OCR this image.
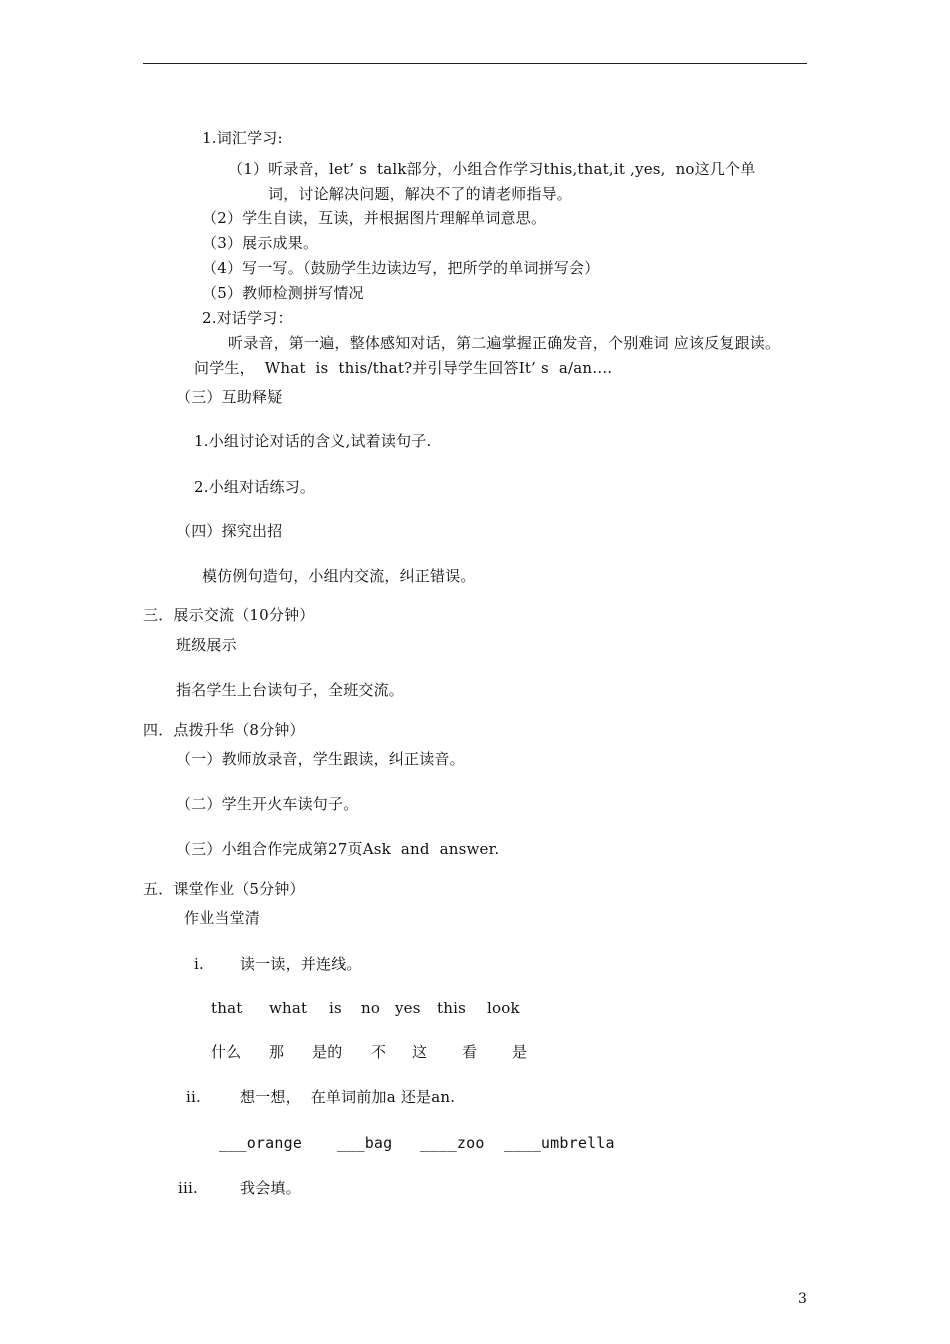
1.词汇学习:
（1）听录音，let’ s  talk部分，小组合作学习this,that,it ,yes,  no这几个单
词，讨论解决问题，解决不了的请老师指导。
（2）学生自读，互读，并根据图片理解单词意思。
（3）展示成果。
（4）写一写。（鼓励学生边读边写，把所学的单词拼写会）
（5）教师检测拼写情况
2.对话学习：
听录音，第一遍，整体感知对话，第二遍掌握正确发音，个别难词 应该反复跟读。
问学生，  What  is  this/that?并引导学生回答It’ s  a/an….
（三）互助释疑
1.小组讨论对话的含义,试着读句子.
2.小组对话练习。
（四）探究出招
模仿例句造句，小组内交流，纠正错误。
三．展示交流（10分钟）
班级展示
指名学生上台读句子，全班交流。
四．点拨升华（8分钟）
（一）教师放录音，学生跟读，纠正读音。
（二）学生开火车读句子。
（三）小组合作完成第27页Ask  and  answer.
五．课堂作业（5分钟）
作业当堂清
i. 读一读，并连线。
that what is no yes this look
什么 那 是的 不 这 看 是
ii.	想一想，  在单词前加a 还是an.
___orange ___bag ____zoo ____umbrella
iii.	我会填。
3
